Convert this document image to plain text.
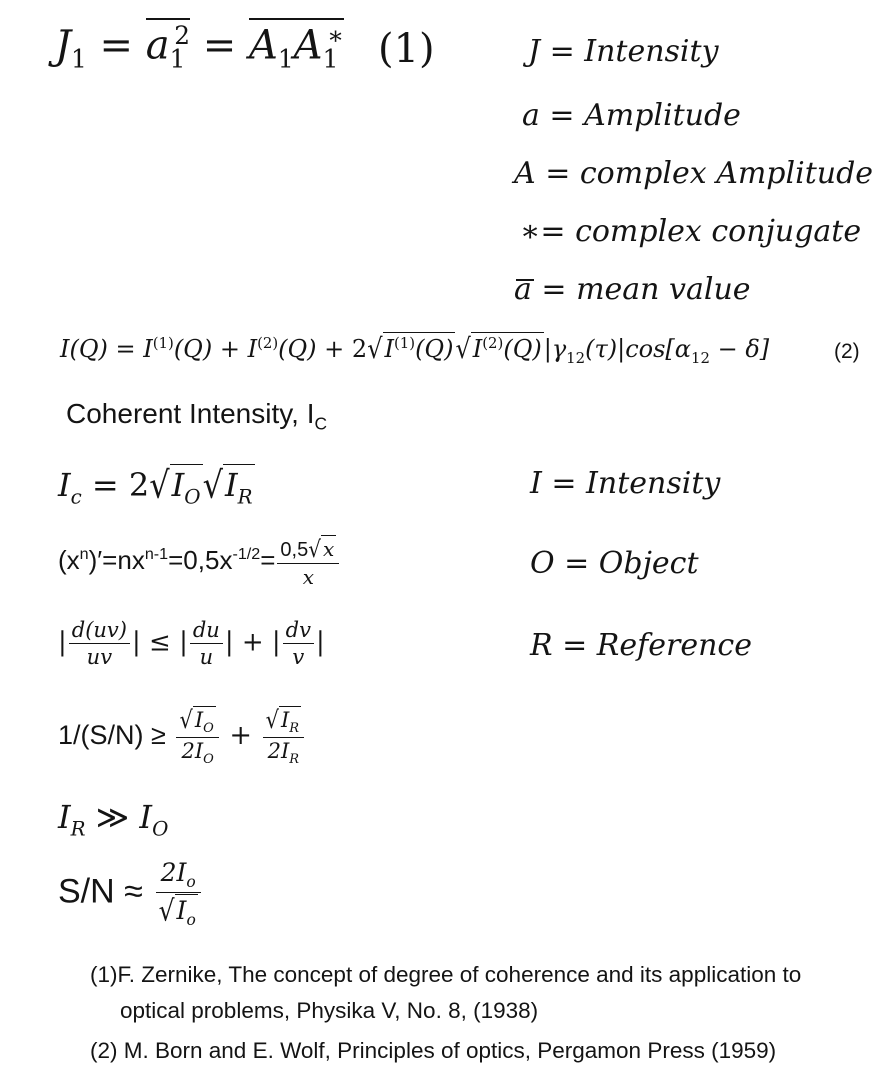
$J_1 = a_1^2 = A_1A_1^∗$ (1)	J = Intensity
a = Amplitude
A = complex Amplitude
∗= complex conjugate
a = mean value
$I(Q) = I^{(1)}(Q) + I^{(2)}(Q) + 2√I^{(1)}(Q)√I^{(2)}(Q)|\gamma_{12}(\tau)|\cos[\alpha_{12} - \delta]$	(2)
Coherent Intensity, $I_C$
$I_c = 2√I_O√I_R$	I = Intensity
$(x^n)'=nx^{n-1}=0,5x^{-1/2}= \frac{0,5√ x}{x}$	O = Object
| $\frac{d(uv)}{uv}$ | ≤ | $\frac{du}{u}$ | + | $\frac{dv}{v}$ |	R = Reference
$1/(S/N) \ge \frac{√I_O}{2I_O} + \frac{√I_R}{2I_R}$
$I_R$ ≫ $I_O$
$S/N \approx \frac{2I_o}{√I_o}$
(1)F. Zernike, The concept of degree of coherence and its application to
optical problems, Physika V, No. 8, (1938)
(2) M. Born and E. Wolf, Principles of optics, Pergamon Press (1959)
